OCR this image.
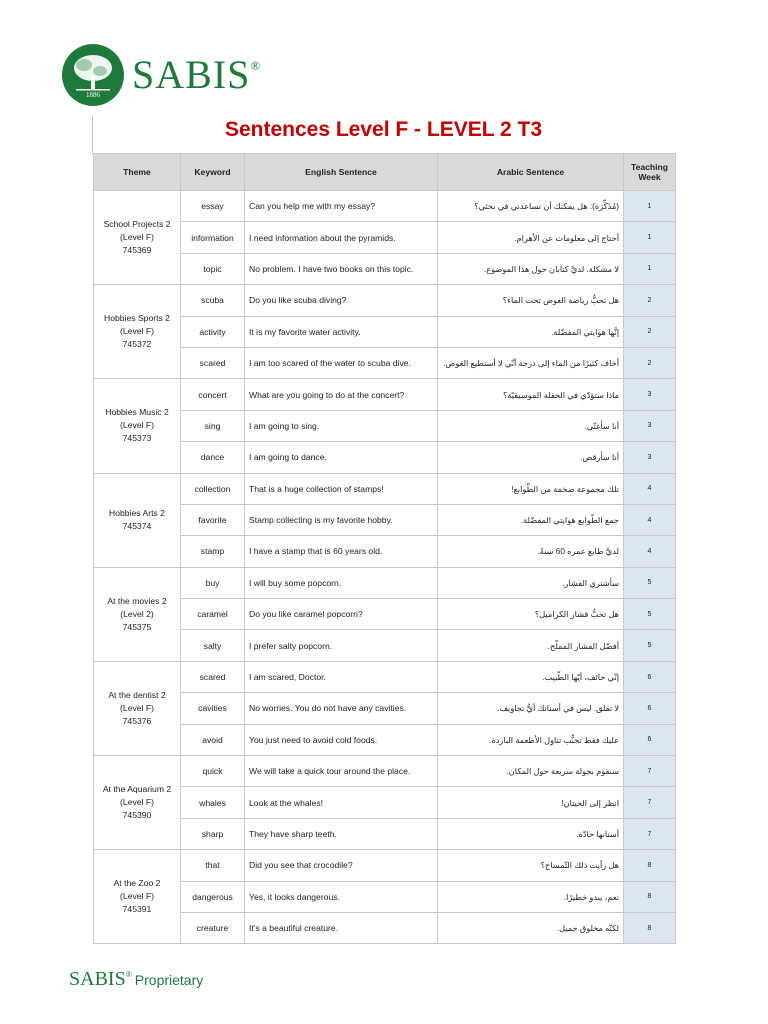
1886 SABIS®
Sentences Level F - LEVEL 2 T3
Theme	Keyword	English Sentence	Arabic Sentence	Teaching
Week
School Projects 2
(Level F)
745369	essay	Can you help me with my essay?	(مُذَكِّرَة): هل يمكنك أن تساعدني في بحثي؟	1
	information	I need information about the pyramids.	أحتاج إلى معلومات عن الأهرام.	1
	topic	No problem. I have two books on this topic.	لا مشكلة. لديَّ كتابان حول هذا الموضوع.	1
Hobbies Sports 2
(Level F)
745372	scuba	Do you like scuba diving?	هل تحبُّ رياضة الغوص تحت الماء؟	2
	activity	It is my favorite water activity.	إنَّها هوايتي المفضّلة.	2
	scared	I am too scared of the water to scuba dive.	أخاف كثيرًا من الماء إلى درجة أنّي لا أستطيع الغوص.	2
Hobbies Music 2
(Level F)
745373	concert	What are you going to do at the concert?	ماذا ستؤدّي في الحفلة الموسيقيّة؟	3
	sing	I am going to sing.	أنا سأغنّي.	3
	dance	I am going to dance.	أنا سأرقص.	3
Hobbies Arts 2
745374	collection	That is a huge collection of stamps!	تلك مجموعة ضخمة من الطّوابع!	4
	favorite	Stamp collecting is my favorite hobby.	جمع الطّوابع هوايتي المفضّلة.	4
	stamp	I have a stamp that is 60 years old.	لديَّ طابع عمره 60 سنةً.	4
At the movies 2
(Level 2)
745375	buy	I will buy some popcorn.	سأشتري الفشار.	5
	caramel	Do you like caramel popcorn?	هل تحبُّ فشار الكراميل؟	5
	salty	I prefer salty popcorn.	أفضّل الفشار المملّح.	5
At the dentist 2
(Level F)
745376	scared	I am scared, Doctor.	إنّي خائف، أيّها الطّبيب.	6
	cavities	No worries. You do not have any cavities.	لا تقلق. ليس في أسنانك أيُّ تجاويف.	6
	avoid	You just need to avoid cold foods.	عليك فقط تجنُّب تناول الأطعمة الباردة.	6
At the Aquarium 2
(Level F)
745390	quick	We will take a quick tour around the place.	سنقوم بجولة سريعة حول المكان.	7
	whales	Look at the whales!	انظر إلى الحيتان!	7
	sharp	They have sharp teeth.	أسنانها حادّة.	7
At the Zoo 2
(Level F)
745391	that	Did you see that crocodile?	هل رأيت ذلك التّمساح؟	8
	dangerous	Yes, it looks dangerous.	نعم، يبدو خطيرًا.	8
	creature	It's a beautiful creature.	لكنّه مخلوق جميل.	8
SABIS® Proprietary
